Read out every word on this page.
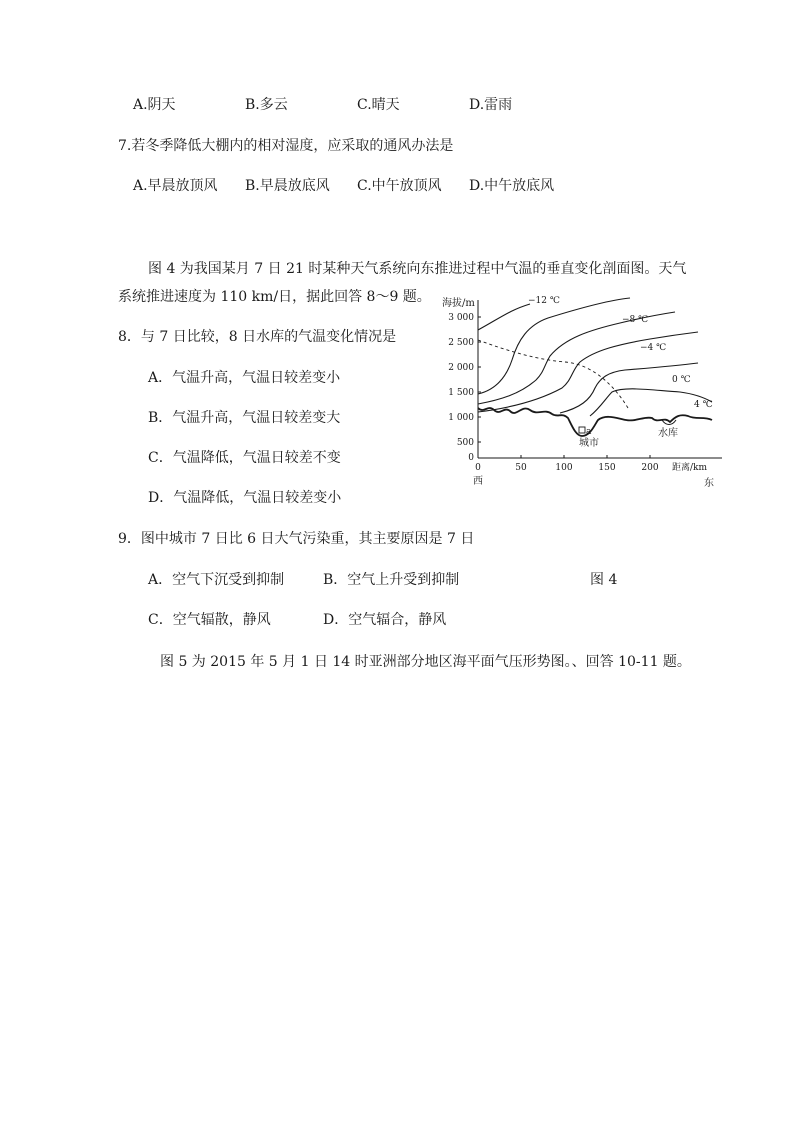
A.阴天	B.多云	C.晴天	D.雷雨
7.若冬季降低大棚内的相对湿度，应采取的通风办法是
A.早晨放顶风 B.早晨放底风 C.中午放顶风 D.中午放底风
图 4 为我国某月 7 日 21 时某种天气系统向东推进过程中气温的垂直变化剖面图。天气
系统推进速度为 110 km/日，据此回答 8～9 题。
8．与 7 日比较，8 日水库的气温变化情况是
A．气温升高，气温日较差变小
B．气温升高，气温日较差变大
C．气温降低，气温日较差不变
D．气温降低，气温日较差变小
9．图中城市 7 日比 6 日大气污染重，其主要原因是 7 日
A．空气下沉受到抑制	B．空气上升受到抑制	图 4
C．空气辐散，静风	D．空气辐合，静风
图 5 为 2015 年 5 月 1 日 14 时亚洲部分地区海平面气压形势图。、回答 10-11 题。
海拔/m
3 000
2 500
2 000
1 500
1 000
500
0
0	50	100	150	200 距离/km
西	东
−12 ℃
−8 ℃
−4 ℃
0 ℃
4 ℃
a
城市
水库
